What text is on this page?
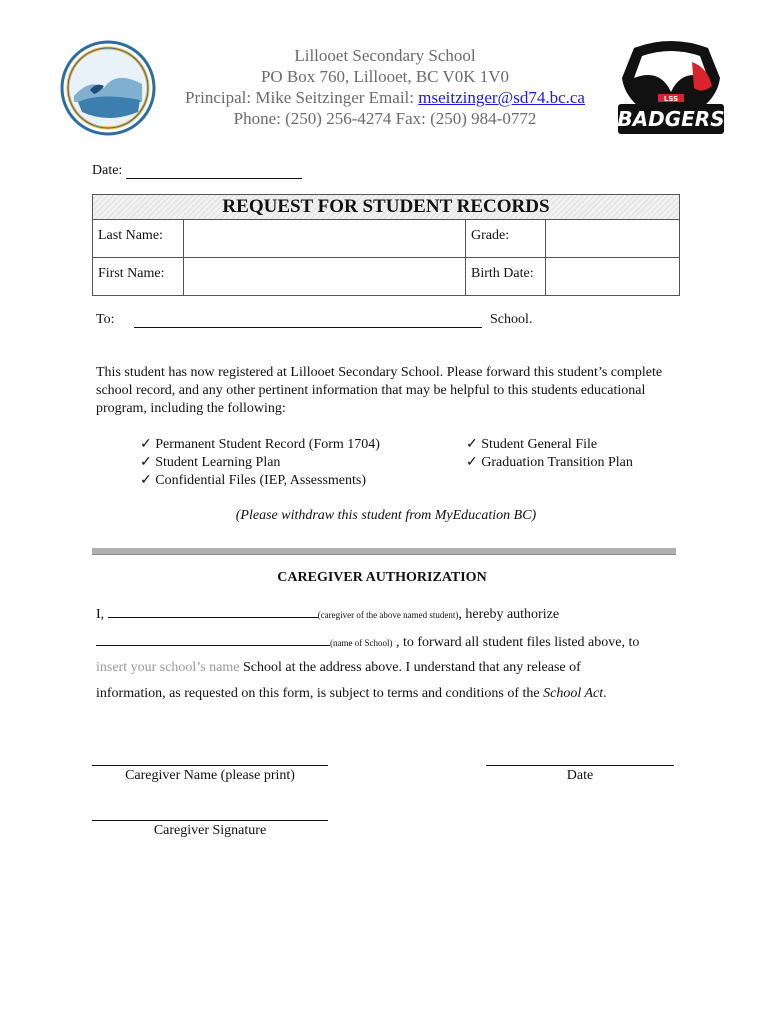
Lillooet Secondary School
PO Box 760, Lillooet, BC V0K 1V0
Principal: Mike Seitzinger Email: mseitzinger@sd74.bc.ca
Phone: (250) 256-4274 Fax: (250) 984-0772
LSS
BADGERS
Date:
REQUEST FOR STUDENT RECORDS
Last Name:	Grade:
First Name:	Birth Date:
To:	School.
This student has now registered at Lillooet Secondary School. Please forward this student’s complete school record, and any other pertinent information that may be helpful to this students educational program, including the following:
✓ Permanent Student Record (Form 1704)
✓ Student Learning Plan
✓ Confidential Files (IEP, Assessments)
✓ Student General File
✓ Graduation Transition Plan
(Please withdraw this student from MyEducation BC)
CAREGIVER AUTHORIZATION
I,	(caregiver of the above named student), hereby authorize
(name of School) , to forward all student files listed above, to
insert your school’s name School at the address above. I understand that any release of
information, as requested on this form, is subject to terms and conditions of the School Act.
Caregiver Name (please print)	Date
Caregiver Signature
